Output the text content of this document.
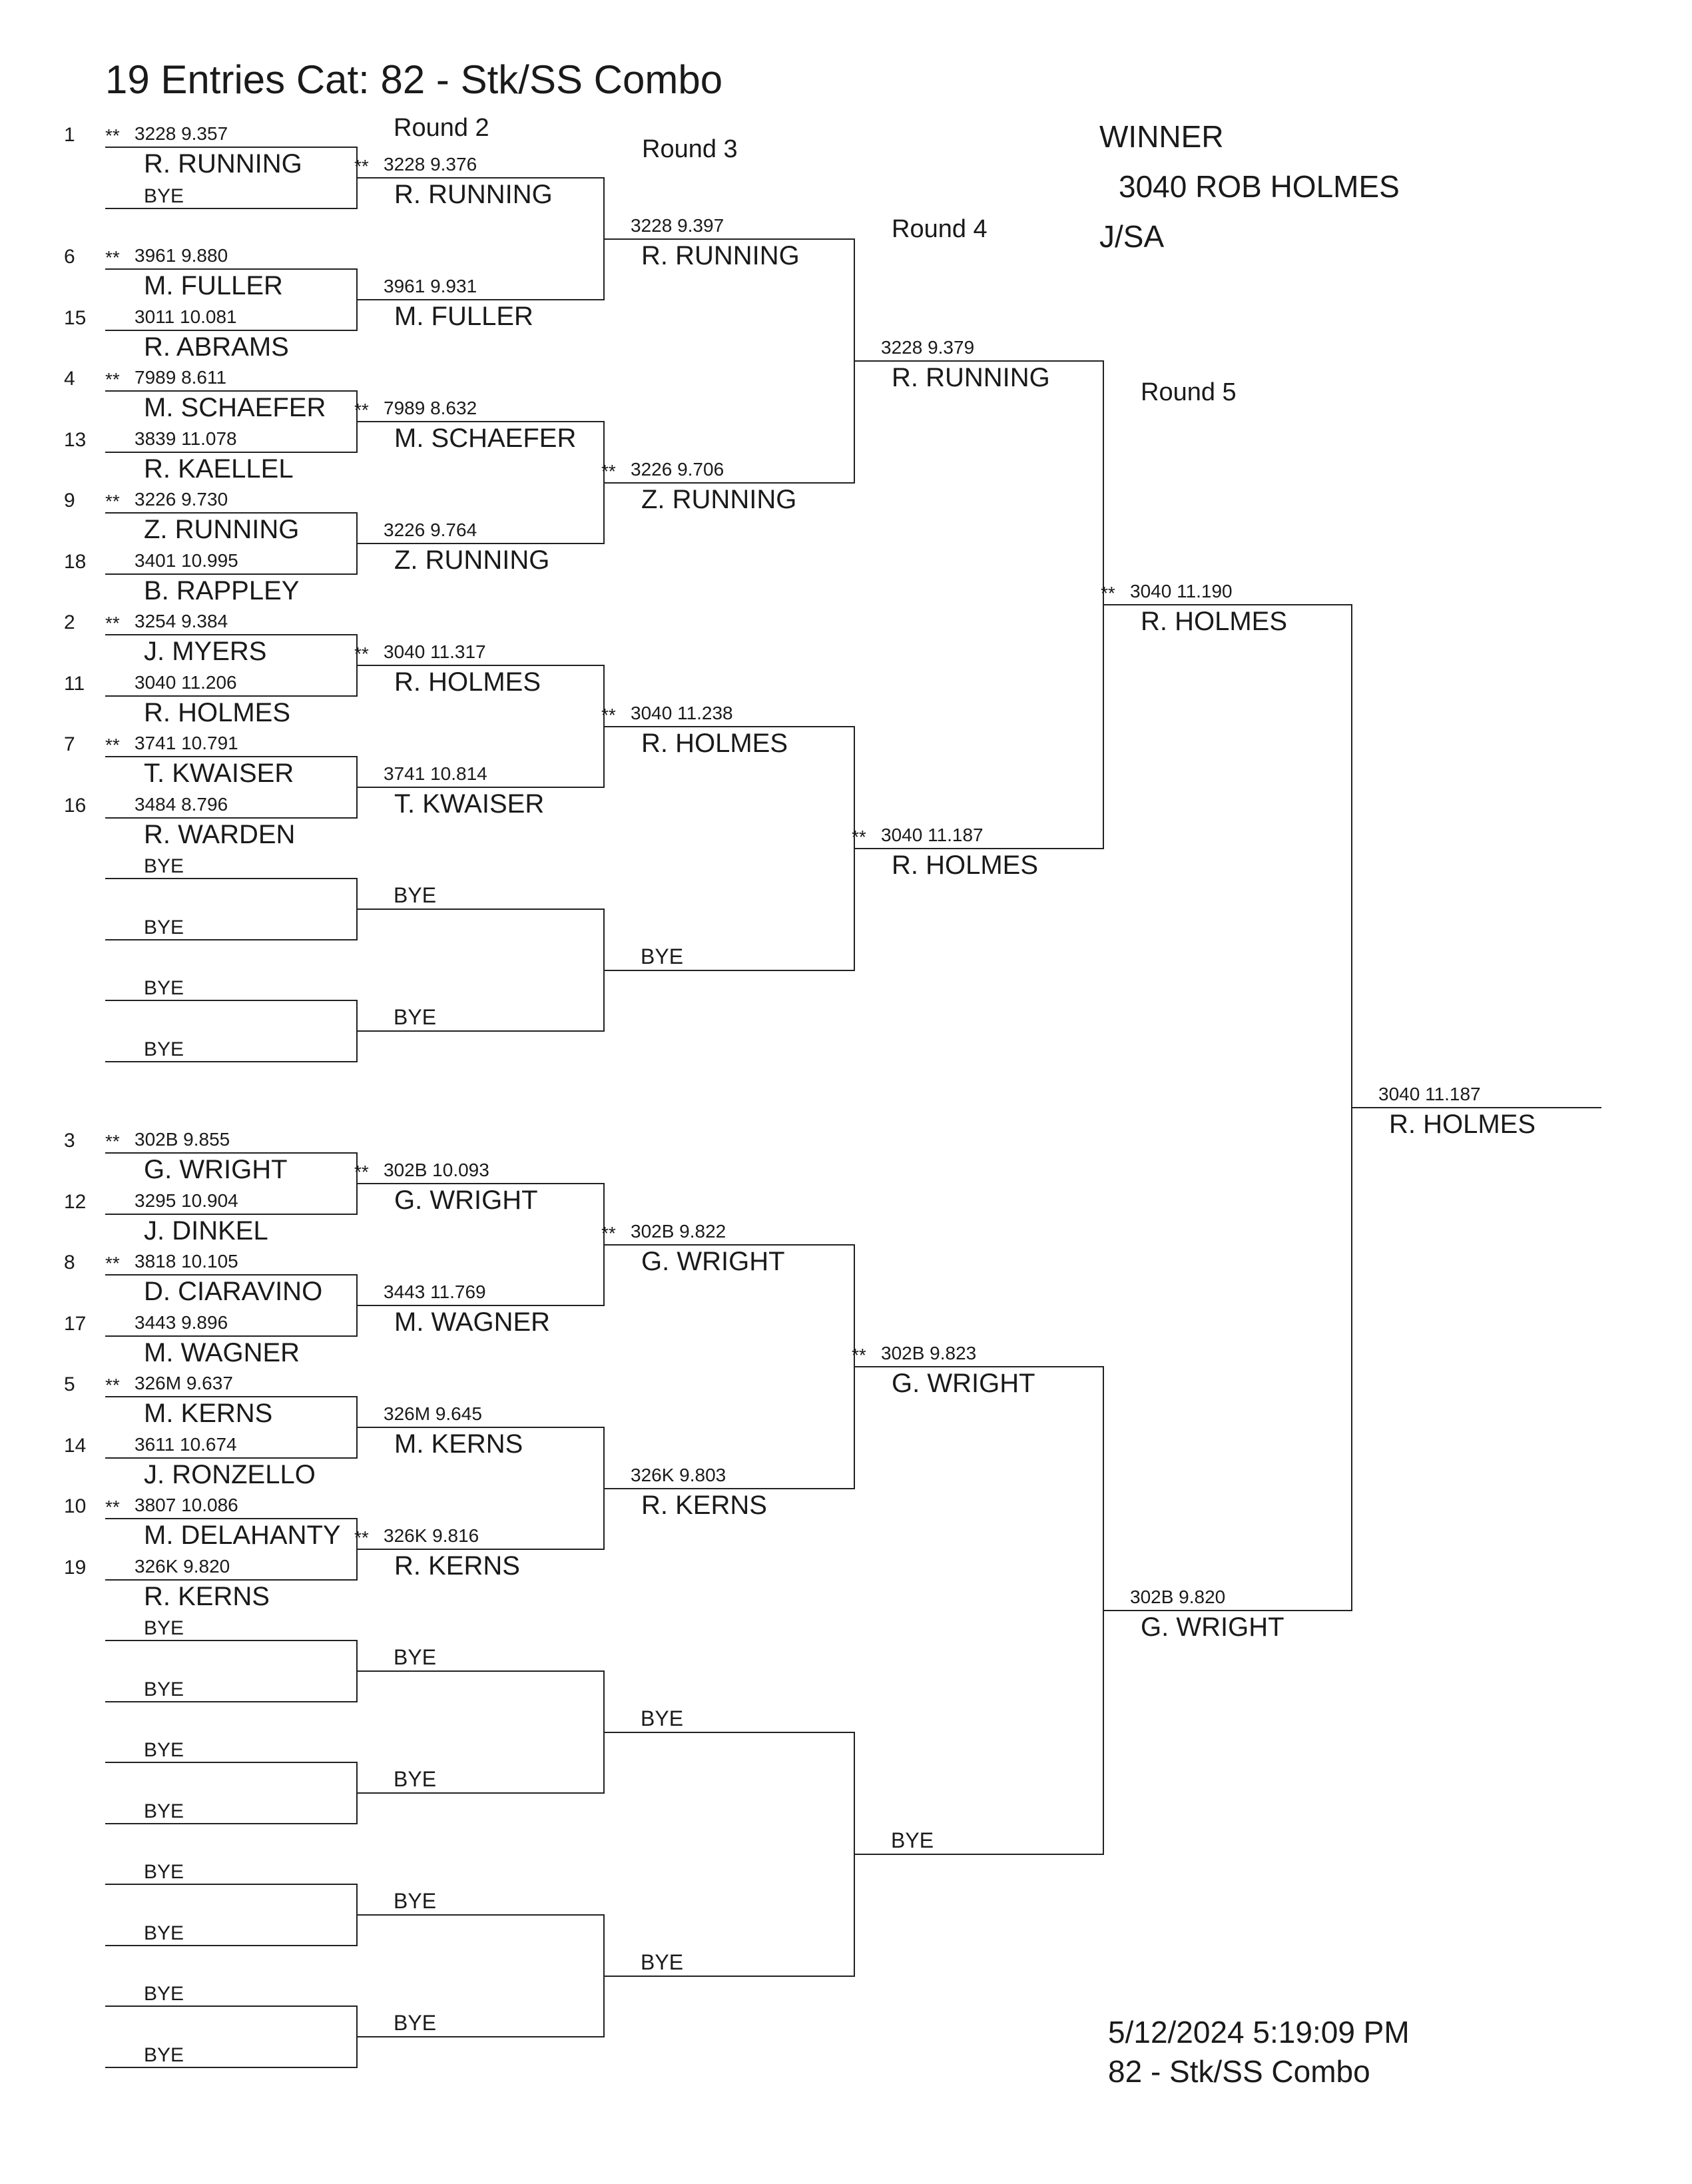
19 Entries Cat: 82 - Stk/SS Combo
Round 2
Round 3
Round 4
Round 5
WINNER
3040 ROB HOLMES
J/SA
5/12/2024 5:19:09 PM
82 - Stk/SS Combo
1 ** 3228 9.357
R. RUNNING
BYE
6 ** 3961 9.880
M. FULLER
15	3011 10.081
R. ABRAMS
4 ** 7989 8.611
M. SCHAEFER
13	3839 11.078
R. KAELLEL
9 ** 3226 9.730
Z. RUNNING
18	3401 10.995
B. RAPPLEY
2 ** 3254 9.384
J. MYERS
11	3040 11.206
R. HOLMES
7 ** 3741 10.791
T. KWAISER
16	3484 8.796
R. WARDEN
BYE
BYE
BYE
BYE
3 ** 302B 9.855
G. WRIGHT
12	3295 10.904
J. DINKEL
8 ** 3818 10.105
D. CIARAVINO
17	3443 9.896
M. WAGNER
5 ** 326M 9.637
M. KERNS
14	3611 10.674
J. RONZELLO
10 ** 3807 10.086
M. DELAHANTY
19	326K 9.820
R. KERNS
BYE
BYE
BYE
BYE
BYE
BYE
BYE
BYE
** 3228 9.376
R. RUNNING
3961 9.931
M. FULLER
** 7989 8.632
M. SCHAEFER
3226 9.764
Z. RUNNING
** 3040 11.317
R. HOLMES
3741 10.814
T. KWAISER
BYE
BYE
** 302B 10.093
G. WRIGHT
3443 11.769
M. WAGNER
326M 9.645
M. KERNS
** 326K 9.816
R. KERNS
BYE
BYE
BYE
BYE
3228 9.397
R. RUNNING
** 3226 9.706
Z. RUNNING
** 3040 11.238
R. HOLMES
BYE
** 302B 9.822
G. WRIGHT
326K 9.803
R. KERNS
BYE
BYE
3228 9.379
R. RUNNING
** 3040 11.187
R. HOLMES
** 302B 9.823
G. WRIGHT
BYE
** 3040 11.190
R. HOLMES
302B 9.820
G. WRIGHT
3040 11.187
R. HOLMES
